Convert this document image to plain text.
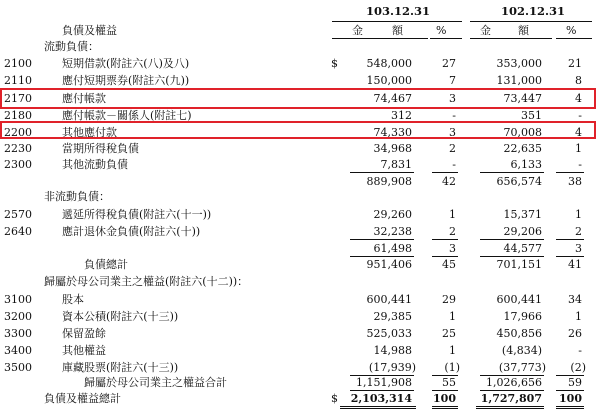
103.12.31	102.12.31
負債及權益	金	額	%	金 額	%
流動負債：
$
2100	短期借款(附註六(八)及八)	548,000	27	353,000	21
2110	應付短期票券(附註六(九))	150,000	7	131,000	8
2170	應付帳款	74,467	3	73,447	4
2180	應付帳款－關係人(附註七)	312	-	351	-
2200	其他應付款	74,330	3	70,008	4
2230	當期所得稅負債	34,968	2	22,635	1
2300	其他流動負債	7,831	-	6,133	-
889,908	42	656,574	38
非流動負債：
2570	遞延所得稅負債(附註六(十一))	29,260	1	15,371	1
2640	應計退休金負債(附註六(十))	32,238	2	29,206	2
61,498	3	44,577	3
負債總計	951,406	45	701,151	41
歸屬於母公司業主之權益(附註六(十二))：
3100	股本	600,441	29	600,441	34
3200	資本公積(附註六(十三))	29,385	1	17,966	1
3300	保留盈餘	525,033	25	450,856	26
3400	其他權益	14,988	1	(4,834)	-
3500	庫藏股票(附註六(十三))	(17,939)	(1)	(37,773)	(2)
歸屬於母公司業主之權益合計	1,151,908	55	1,026,656	59
$
負債及權益總計	2,103,314	100	1,727,807	100
